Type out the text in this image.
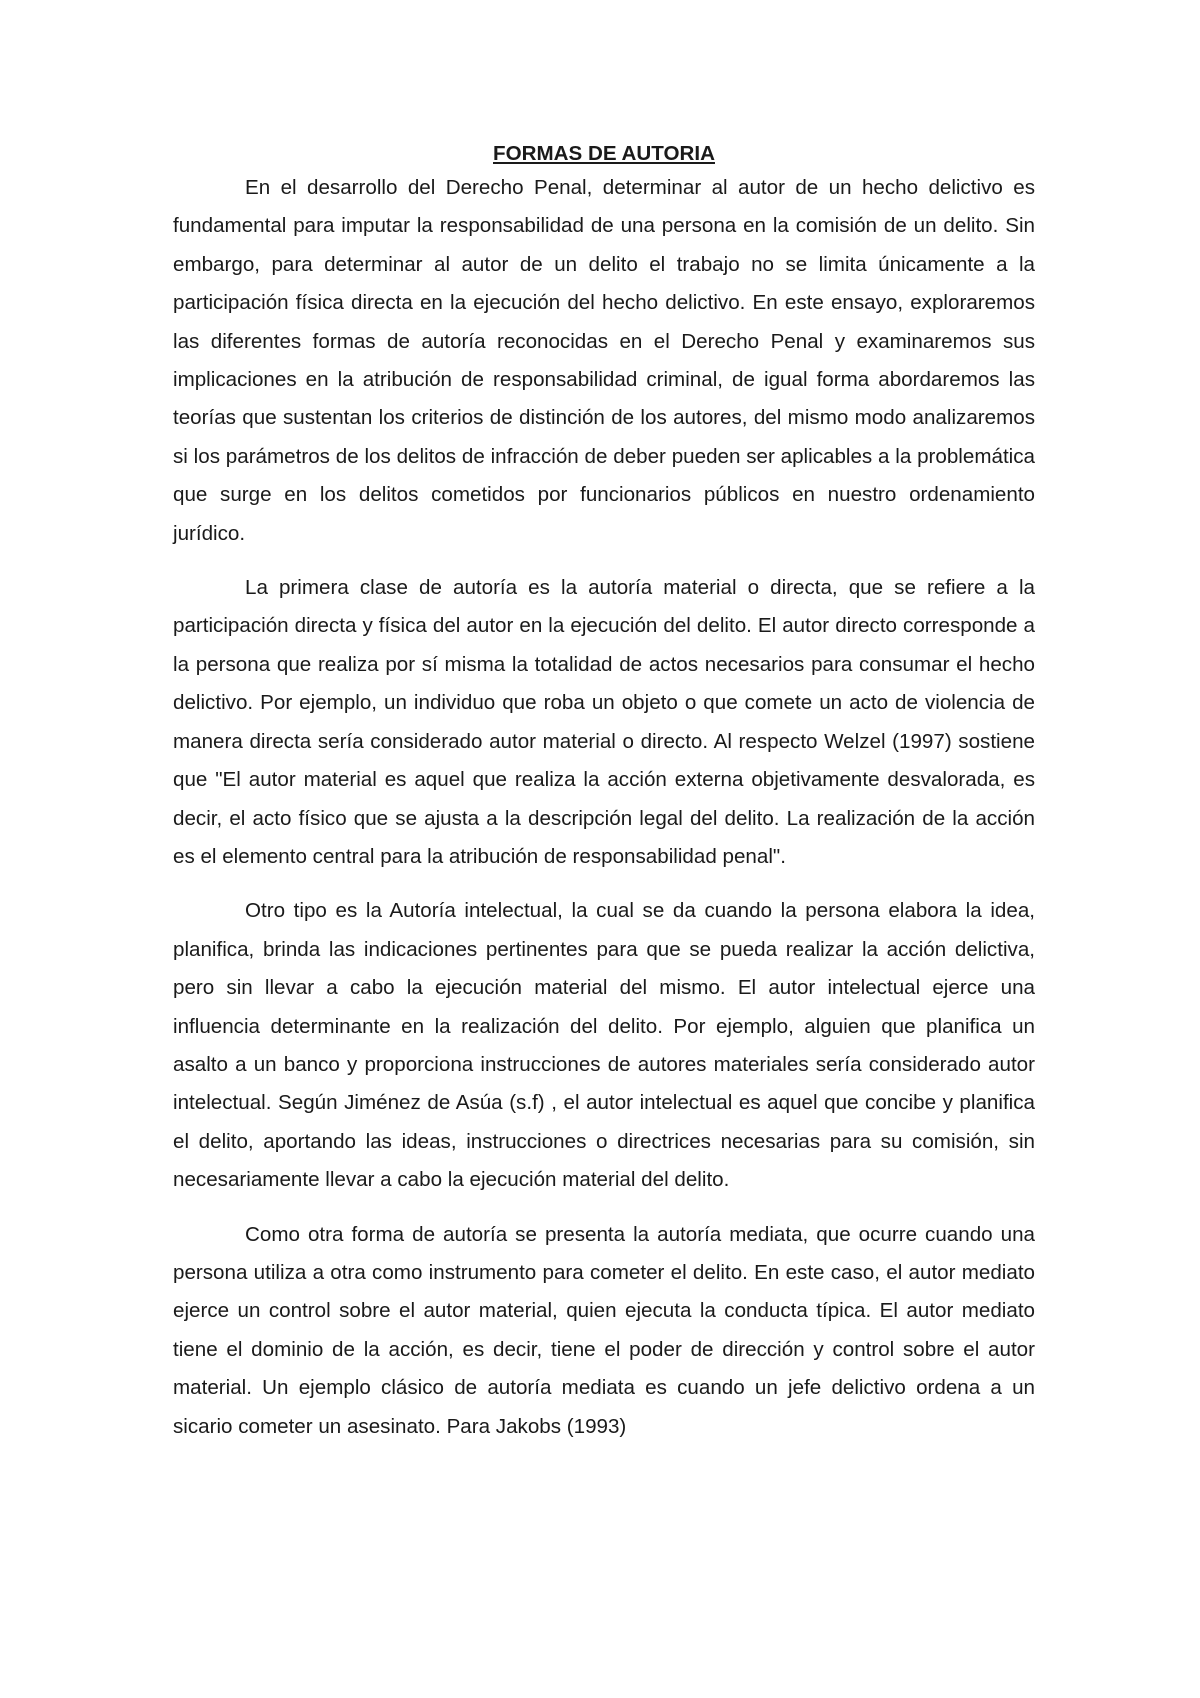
FORMAS DE AUTORIA

En el desarrollo del Derecho Penal, determinar al autor de un hecho delictivo es fundamental para imputar la responsabilidad de una persona en la comisión de un delito. Sin embargo, para determinar al autor de un delito el trabajo no se limita únicamente a la participación física directa en la ejecución del hecho delictivo. En este ensayo, exploraremos las diferentes formas de autoría reconocidas en el Derecho Penal y examinaremos sus implicaciones en la atribución de responsabilidad criminal, de igual forma abordaremos las teorías que sustentan los criterios de distinción de los autores, del mismo modo analizaremos si los parámetros de los delitos de infracción de deber pueden ser aplicables a la problemática que surge en los delitos cometidos por funcionarios públicos en nuestro ordenamiento jurídico.

La primera clase de autoría es la autoría material o directa, que se refiere a la participación directa y física del autor en la ejecución del delito. El autor directo corresponde a la persona que realiza por sí misma la totalidad de actos necesarios para consumar el hecho delictivo. Por ejemplo, un individuo que roba un objeto o que comete un acto de violencia de manera directa sería considerado autor material o directo. Al respecto Welzel (1997) sostiene que "El autor material es aquel que realiza la acción externa objetivamente desvalorada, es decir, el acto físico que se ajusta a la descripción legal del delito. La realización de la acción es el elemento central para la atribución de responsabilidad penal".

Otro tipo es la Autoría intelectual, la cual se da cuando la persona elabora la idea, planifica, brinda las indicaciones pertinentes para que se pueda realizar la acción delictiva, pero sin llevar a cabo la ejecución material del mismo. El autor intelectual ejerce una influencia determinante en la realización del delito. Por ejemplo, alguien que planifica un asalto a un banco y proporciona instrucciones de autores materiales sería considerado autor intelectual. Según Jiménez de Asúa (s.f) , el autor intelectual es aquel que concibe y planifica el delito, aportando las ideas, instrucciones o directrices necesarias para su comisión, sin necesariamente llevar a cabo la ejecución material del delito.

Como otra forma de autoría se presenta la autoría mediata, que ocurre cuando una persona utiliza a otra como instrumento para cometer el delito. En este caso, el autor mediato ejerce un control sobre el autor material, quien ejecuta la conducta típica. El autor mediato tiene el dominio de la acción, es decir, tiene el poder de dirección y control sobre el autor material. Un ejemplo clásico de autoría mediata es cuando un jefe delictivo ordena a un sicario cometer un asesinato. Para Jakobs (1993)
